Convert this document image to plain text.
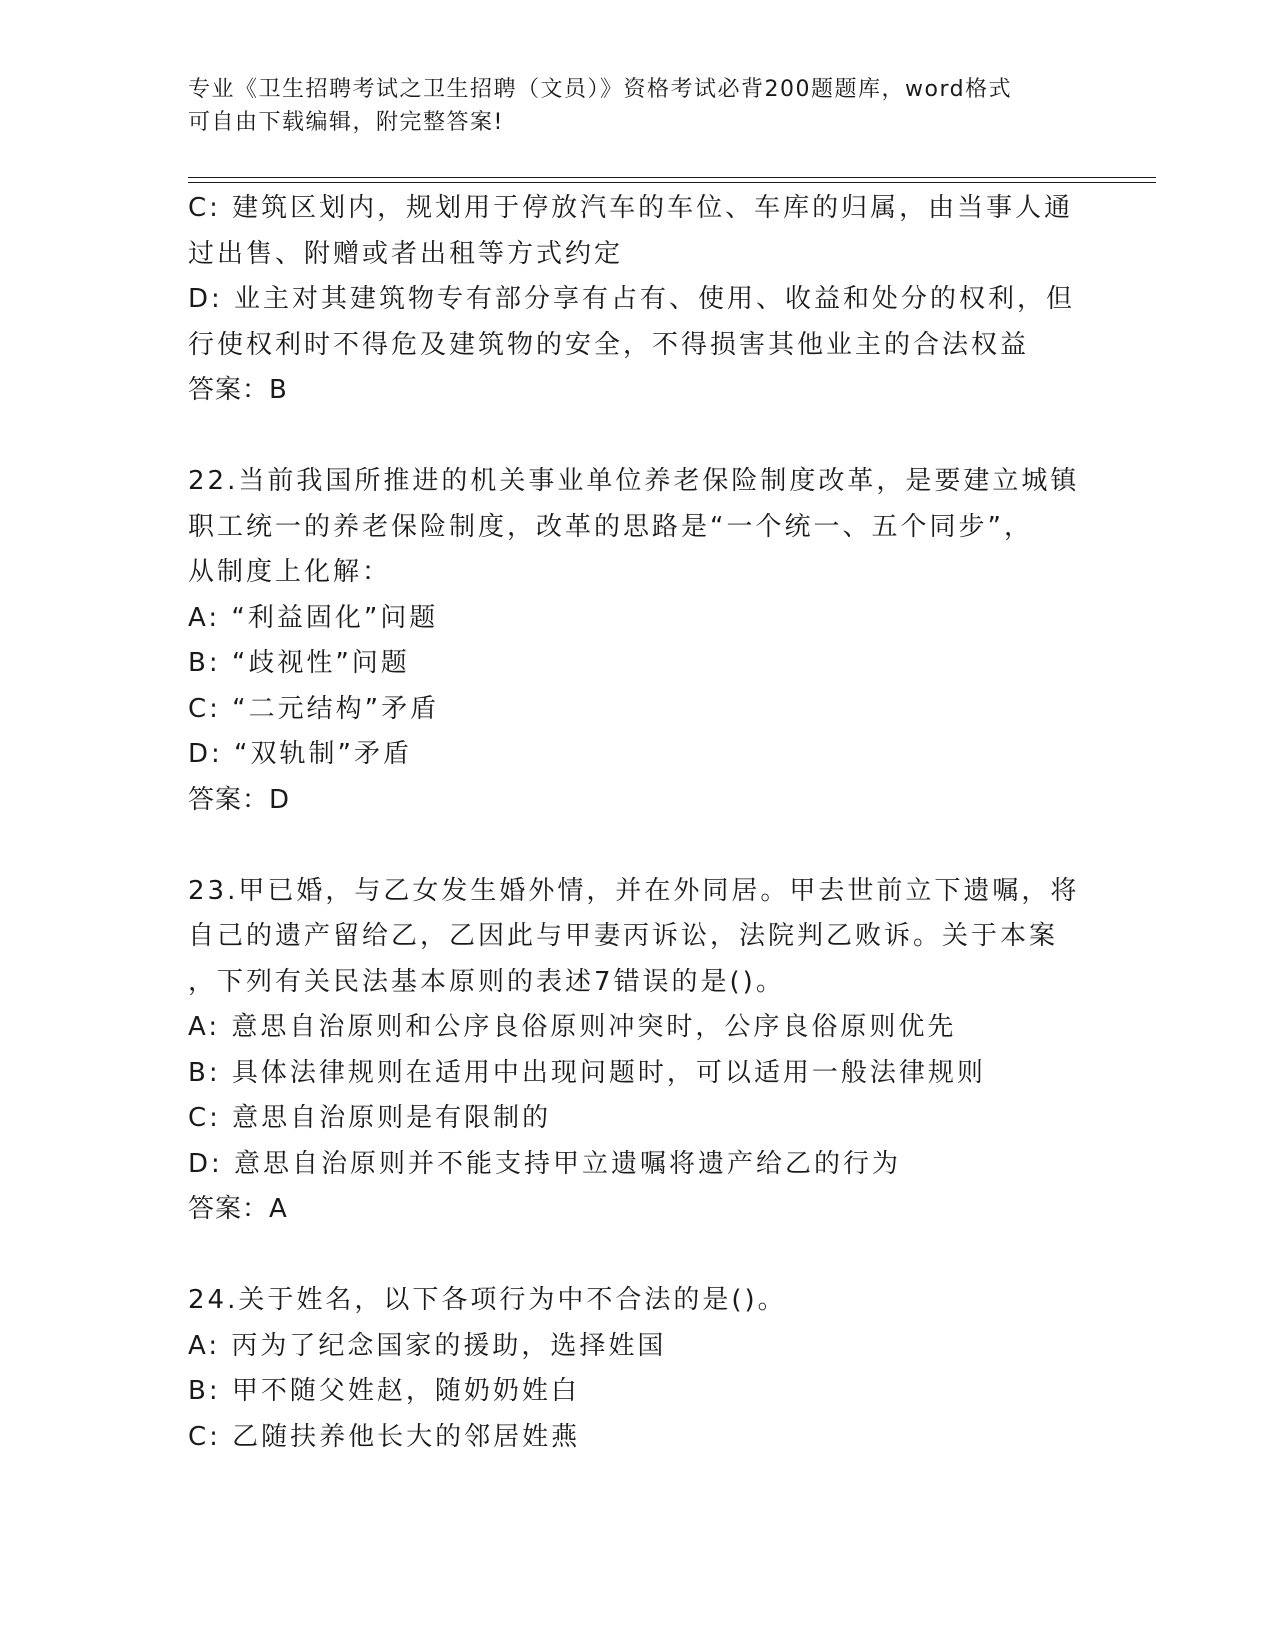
专业《卫生招聘考试之卫生招聘（文员）》资格考试必背200题题库，word格式
可自由下载编辑，附完整答案!
C: 建筑区划内，规划用于停放汽车的车位、车库的归属，由当事人通
过出售、附赠或者出租等方式约定
D: 业主对其建筑物专有部分享有占有、使用、收益和处分的权利，但
行使权利时不得危及建筑物的安全，不得损害其他业主的合法权益
答案：B
22.当前我国所推进的机关事业单位养老保险制度改革，是要建立城镇
职工统一的养老保险制度，改革的思路是“一个统一、五个同步”，
从制度上化解：
A: “利益固化”问题
B: “歧视性”问题
C: “二元结构”矛盾
D: “双轨制”矛盾
答案：D
23.甲已婚，与乙女发生婚外情，并在外同居。甲去世前立下遗嘱，将
自己的遗产留给乙，乙因此与甲妻丙诉讼，法院判乙败诉。关于本案
，下列有关民法基本原则的表述7错误的是()。
A: 意思自治原则和公序良俗原则冲突时，公序良俗原则优先
B: 具体法律规则在适用中出现问题时，可以适用一般法律规则
C: 意思自治原则是有限制的
D: 意思自治原则并不能支持甲立遗嘱将遗产给乙的行为
答案：A
24.关于姓名，以下各项行为中不合法的是()。
A: 丙为了纪念国家的援助，选择姓国
B: 甲不随父姓赵，随奶奶姓白
C: 乙随扶养他长大的邻居姓燕
